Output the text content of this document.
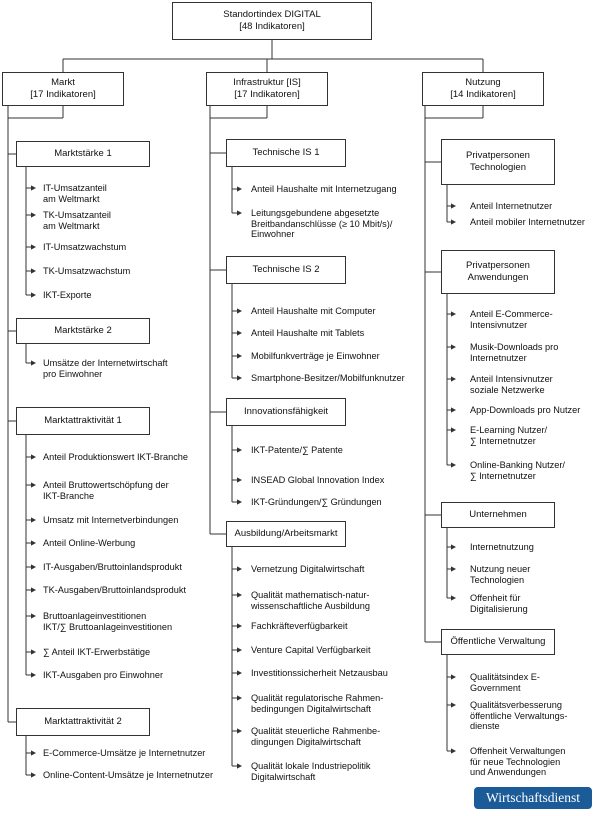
Standortindex DIGITAL
[48 Indikatoren]
Markt
[17 Indikatoren]
Marktstärke 1
IT-Umsatzanteil
am Weltmarkt
TK-Umsatzanteil
am Weltmarkt
IT-Umsatzwachstum
TK-Umsatzwachstum
IKT-Exporte
Marktstärke 2
Umsätze der Internetwirtschaft
pro Einwohner
Marktattraktivität 1
Anteil Produktionswert IKT-Branche
Anteil Bruttowertschöpfung der
IKT-Branche
Umsatz mit Internetverbindungen
Anteil Online-Werbung
IT-Ausgaben/Bruttoinlandsprodukt
TK-Ausgaben/Bruttoinlandsprodukt
Bruttoanlageinvestitionen
IKT/∑ Bruttoanlageinvestitionen
∑ Anteil IKT-Erwerbstätige
IKT-Ausgaben pro Einwohner
Marktattraktivität 2
E-Commerce-Umsätze je Internetnutzer
Online-Content-Umsätze je Internetnutzer
Infrastruktur [IS]
[17 Indikatoren]
Technische IS 1
Anteil Haushalte mit Internetzugang
Leitungsgebundene abgesetzte
Breitbandanschlüsse (≥ 10 Mbit/s)/
Einwohner
Technische IS 2
Anteil Haushalte mit Computer
Anteil Haushalte mit Tablets
Mobilfunkverträge je Einwohner
Smartphone-Besitzer/Mobilfunknutzer
Innovationsfähigkeit
IKT-Patente/∑ Patente
INSEAD Global Innovation Index
IKT-Gründungen/∑ Gründungen
Ausbildung/Arbeitsmarkt
Vernetzung Digitalwirtschaft
Qualität mathematisch-natur-
wissenschaftliche Ausbildung
Fachkräfteverfügbarkeit
Venture Capital Verfügbarkeit
Investitionssicherheit Netzausbau
Qualität regulatorische Rahmen-
bedingungen Digitalwirtschaft
Qualität steuerliche Rahmenbe-
dingungen Digitalwirtschaft
Qualität lokale Industriepolitik
Digitalwirtschaft
Nutzung
[14 Indikatoren]
Privatpersonen
Technologien
Anteil Internetnutzer
Anteil mobiler Internetnutzer
Privatpersonen
Anwendungen
Anteil E-Commerce-
Intensivnutzer
Musik-Downloads pro
Internetnutzer
Anteil Intensivnutzer
soziale Netzwerke
App-Downloads pro Nutzer
E-Learning Nutzer/
∑ Internetnutzer
Online-Banking Nutzer/
∑ Internetnutzer
Unternehmen
Internetnutzung
Nutzung neuer
Technologien
Offenheit für
Digitalisierung
Öffentliche Verwaltung
Qualitätsindex E-
Government
Qualitätsverbesserung
öffentliche Verwaltungs-
dienste
Offenheit Verwaltungen
für neue Technologien
und Anwendungen
Wirtschaftsdienst
